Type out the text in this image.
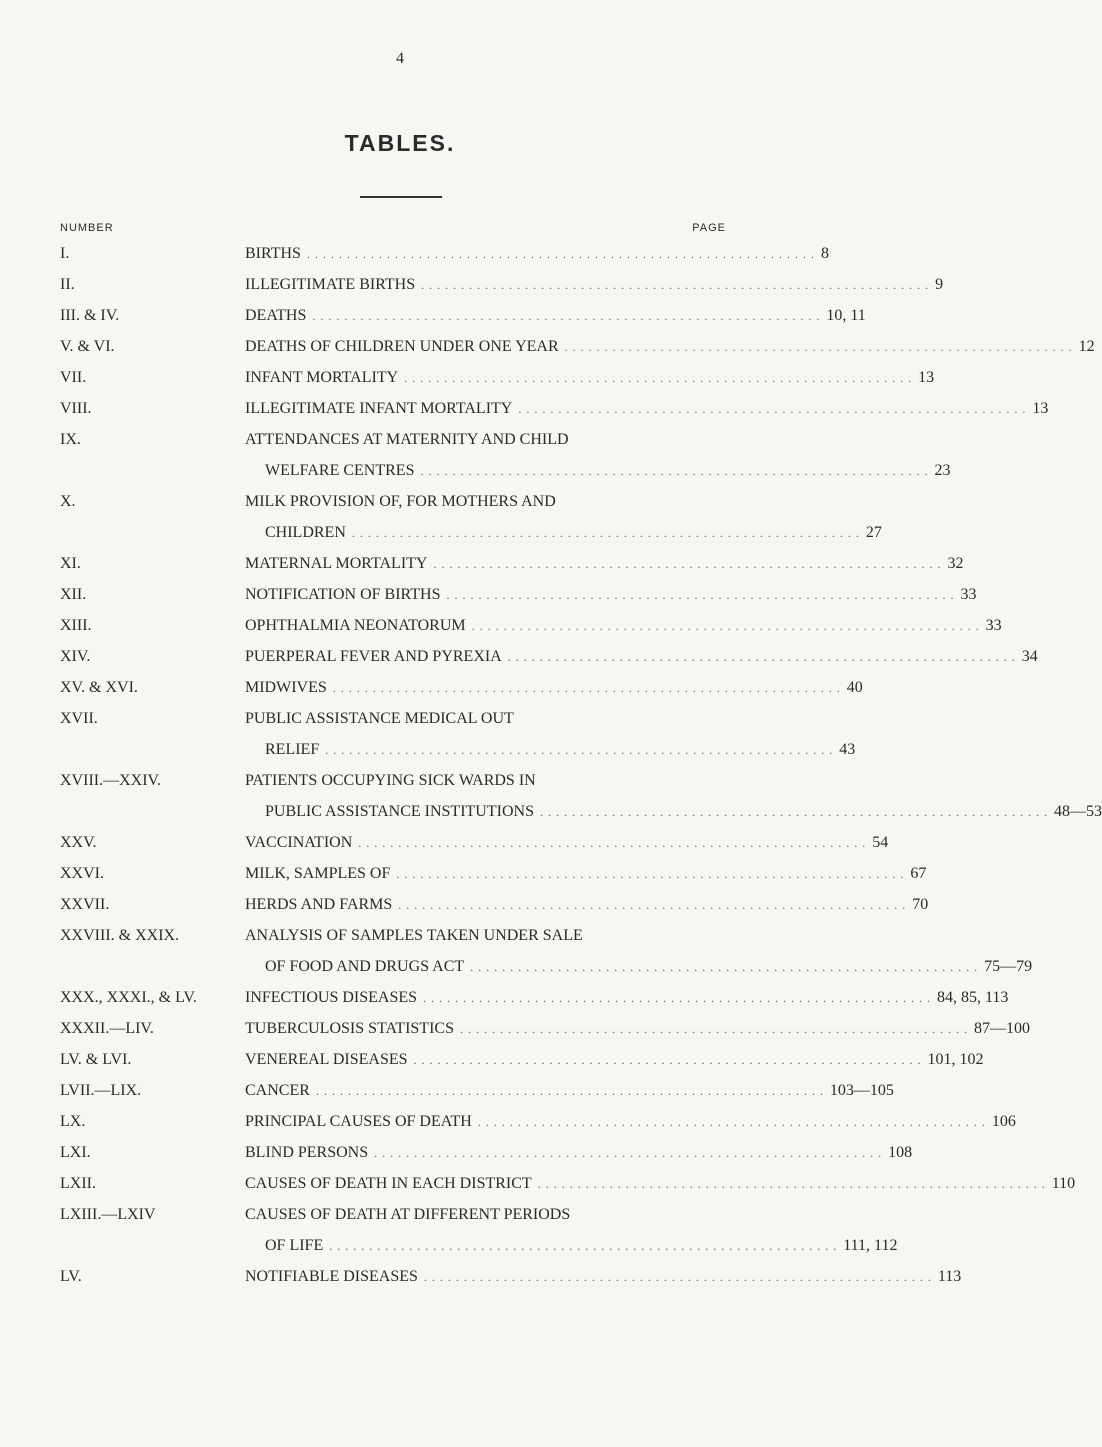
4
TABLES.
NUMBER	PAGE
I.	BIRTHS . . . . . . . . . . . . . . . . . . . . . . . . . . . . . . . . . . . . . . . . . . . . . . . . . . . . . . . . . . . . . . . . 8
II.	ILLEGITIMATE BIRTHS . . . . . . . . . . . . . . . . . . . . . . . . . . . . . . . . . . . . . . . . . . . . . . . . . . . . . . . . . . . . . . . . 9
III. & IV.	DEATHS . . . . . . . . . . . . . . . . . . . . . . . . . . . . . . . . . . . . . . . . . . . . . . . . . . . . . . . . . . . . . . . . 10, 11
V. & VI.	DEATHS OF CHILDREN UNDER ONE YEAR . . . . . . . . . . . . . . . . . . . . . . . . . . . . . . . . . . . . . . . . . . . . . . . . . . . . . . . . . . . . . . . . 12
VII.	INFANT MORTALITY . . . . . . . . . . . . . . . . . . . . . . . . . . . . . . . . . . . . . . . . . . . . . . . . . . . . . . . . . . . . . . . . 13
VIII.	ILLEGITIMATE INFANT MORTALITY . . . . . . . . . . . . . . . . . . . . . . . . . . . . . . . . . . . . . . . . . . . . . . . . . . . . . . . . . . . . . . . . 13
IX.	ATTENDANCES AT MATERNITY AND CHILD
WELFARE CENTRES . . . . . . . . . . . . . . . . . . . . . . . . . . . . . . . . . . . . . . . . . . . . . . . . . . . . . . . . . . . . . . . . 23
X.	MILK PROVISION OF, FOR MOTHERS AND
CHILDREN . . . . . . . . . . . . . . . . . . . . . . . . . . . . . . . . . . . . . . . . . . . . . . . . . . . . . . . . . . . . . . . . 27
XI.	MATERNAL MORTALITY . . . . . . . . . . . . . . . . . . . . . . . . . . . . . . . . . . . . . . . . . . . . . . . . . . . . . . . . . . . . . . . . 32
XII.	NOTIFICATION OF BIRTHS . . . . . . . . . . . . . . . . . . . . . . . . . . . . . . . . . . . . . . . . . . . . . . . . . . . . . . . . . . . . . . . . 33
XIII.	OPHTHALMIA NEONATORUM . . . . . . . . . . . . . . . . . . . . . . . . . . . . . . . . . . . . . . . . . . . . . . . . . . . . . . . . . . . . . . . . 33
XIV.	PUERPERAL FEVER AND PYREXIA . . . . . . . . . . . . . . . . . . . . . . . . . . . . . . . . . . . . . . . . . . . . . . . . . . . . . . . . . . . . . . . . 34
XV. & XVI.	MIDWIVES . . . . . . . . . . . . . . . . . . . . . . . . . . . . . . . . . . . . . . . . . . . . . . . . . . . . . . . . . . . . . . . . 40
XVII.	PUBLIC ASSISTANCE MEDICAL OUT
RELIEF . . . . . . . . . . . . . . . . . . . . . . . . . . . . . . . . . . . . . . . . . . . . . . . . . . . . . . . . . . . . . . . . 43
XVIII.—XXIV.	PATIENTS OCCUPYING SICK WARDS IN
PUBLIC ASSISTANCE INSTITUTIONS . . . . . . . . . . . . . . . . . . . . . . . . . . . . . . . . . . . . . . . . . . . . . . . . . . . . . . . . . . . . . . . . 48—53
XXV.	VACCINATION . . . . . . . . . . . . . . . . . . . . . . . . . . . . . . . . . . . . . . . . . . . . . . . . . . . . . . . . . . . . . . . . 54
XXVI.	MILK, SAMPLES OF . . . . . . . . . . . . . . . . . . . . . . . . . . . . . . . . . . . . . . . . . . . . . . . . . . . . . . . . . . . . . . . . 67
XXVII.	HERDS AND FARMS . . . . . . . . . . . . . . . . . . . . . . . . . . . . . . . . . . . . . . . . . . . . . . . . . . . . . . . . . . . . . . . . 70
XXVIII. & XXIX.	ANALYSIS OF SAMPLES TAKEN UNDER SALE
OF FOOD AND DRUGS ACT . . . . . . . . . . . . . . . . . . . . . . . . . . . . . . . . . . . . . . . . . . . . . . . . . . . . . . . . . . . . . . . . 75—79
XXX., XXXI., & LV.	INFECTIOUS DISEASES . . . . . . . . . . . . . . . . . . . . . . . . . . . . . . . . . . . . . . . . . . . . . . . . . . . . . . . . . . . . . . . . 84, 85, 113
XXXII.—LIV.	TUBERCULOSIS STATISTICS . . . . . . . . . . . . . . . . . . . . . . . . . . . . . . . . . . . . . . . . . . . . . . . . . . . . . . . . . . . . . . . . 87—100
LV. & LVI.	VENEREAL DISEASES . . . . . . . . . . . . . . . . . . . . . . . . . . . . . . . . . . . . . . . . . . . . . . . . . . . . . . . . . . . . . . . . 101, 102
LVII.—LIX.	CANCER . . . . . . . . . . . . . . . . . . . . . . . . . . . . . . . . . . . . . . . . . . . . . . . . . . . . . . . . . . . . . . . . 103—105
LX.	PRINCIPAL CAUSES OF DEATH . . . . . . . . . . . . . . . . . . . . . . . . . . . . . . . . . . . . . . . . . . . . . . . . . . . . . . . . . . . . . . . . 106
LXI.	BLIND PERSONS . . . . . . . . . . . . . . . . . . . . . . . . . . . . . . . . . . . . . . . . . . . . . . . . . . . . . . . . . . . . . . . . 108
LXII.	CAUSES OF DEATH IN EACH DISTRICT . . . . . . . . . . . . . . . . . . . . . . . . . . . . . . . . . . . . . . . . . . . . . . . . . . . . . . . . . . . . . . . . 110
LXIII.—LXIV	CAUSES OF DEATH AT DIFFERENT PERIODS
OF LIFE . . . . . . . . . . . . . . . . . . . . . . . . . . . . . . . . . . . . . . . . . . . . . . . . . . . . . . . . . . . . . . . . 111, 112
LV.	NOTIFIABLE DISEASES . . . . . . . . . . . . . . . . . . . . . . . . . . . . . . . . . . . . . . . . . . . . . . . . . . . . . . . . . . . . . . . . 113
